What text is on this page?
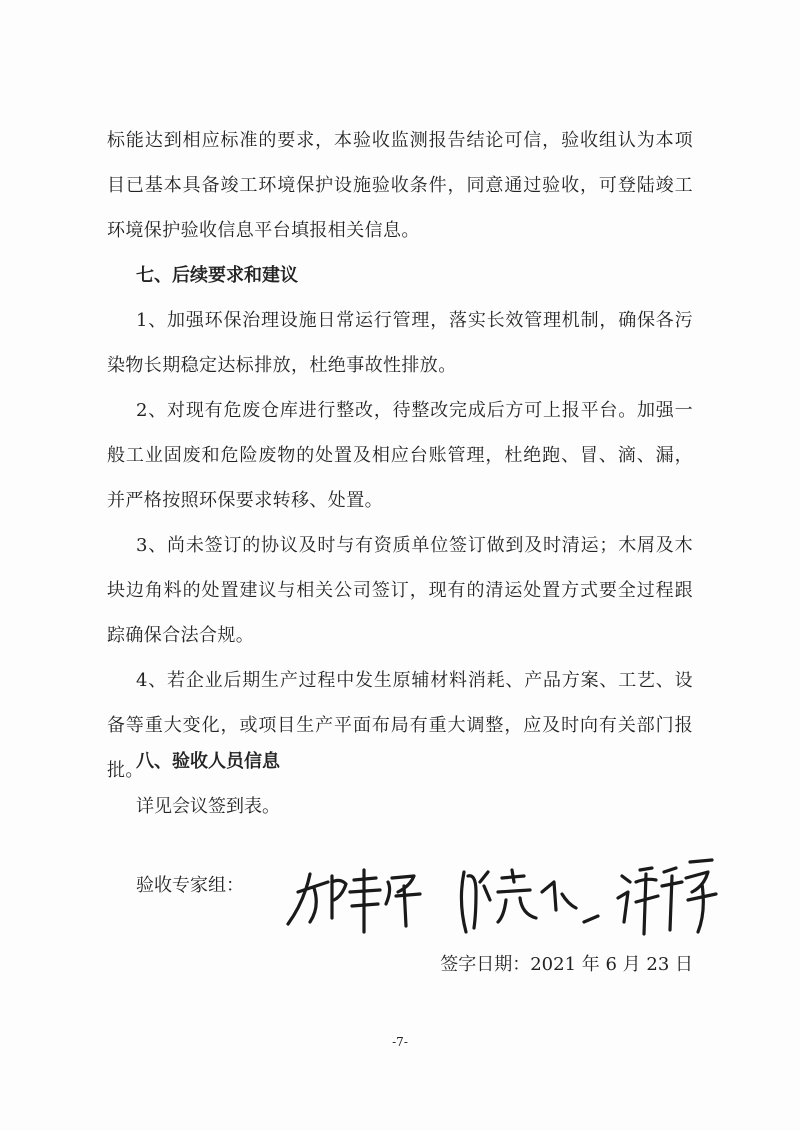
标能达到相应标准的要求，本验收监测报告结论可信，验收组认为本项目已基本具备竣工环境保护设施验收条件，同意通过验收，可登陆竣工环境保护验收信息平台填报相关信息。

七、后续要求和建议

1、加强环保治理设施日常运行管理，落实长效管理机制，确保各污染物长期稳定达标排放，杜绝事故性排放。

2、对现有危废仓库进行整改，待整改完成后方可上报平台。加强一般工业固废和危险废物的处置及相应台账管理，杜绝跑、冒、滴、漏，并严格按照环保要求转移、处置。

3、尚未签订的协议及时与有资质单位签订做到及时清运；木屑及木块边角料的处置建议与相关公司签订，现有的清运处置方式要全过程跟踪确保合法合规。

4、若企业后期生产过程中发生原辅材料消耗、产品方案、工艺、设备等重大变化，或项目生产平面布局有重大调整，应及时向有关部门报批。

八、验收人员信息

详见会议签到表。

验收专家组：

签字日期：2021 年 6 月 23 日

-7-
